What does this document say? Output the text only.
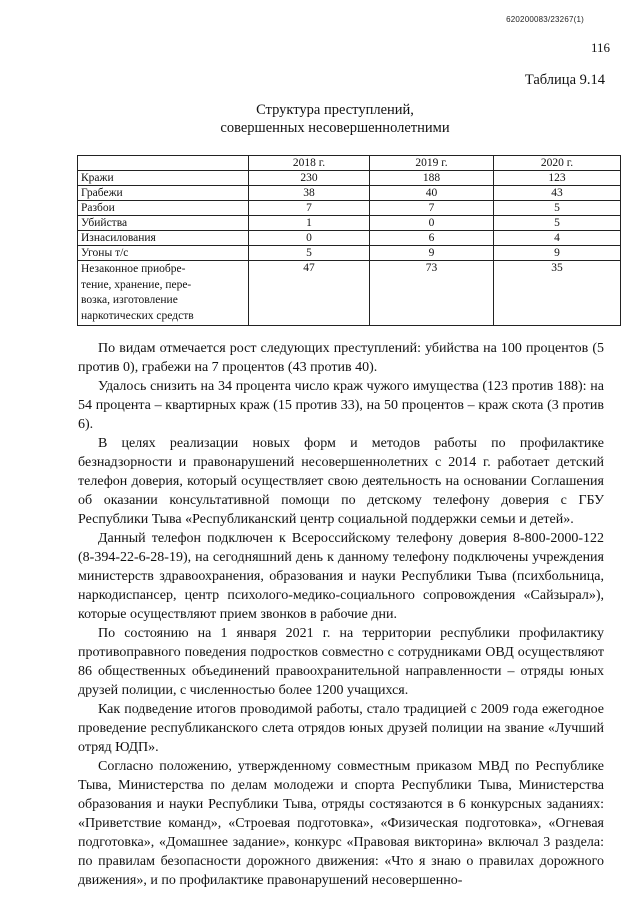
620200083/23267(1)
116
Таблица 9.14
Структура преступлений,
совершенных несовершеннолетними
	2018 г.	2019 г.	2020 г.
Кражи	230	188	123
Грабежи	38	40	43
Разбои	7	7	5
Убийства	1	0	5
Изнасилования	0	6	4
Угоны т/с	5	9	9

Незаконное приобре-
тение, хранение, пере-
возка, изготовление
наркотических средств	47	73	35

По видам отмечается рост следующих преступлений: убийства на 100 процентов (5 против 0), грабежи на 7 процентов (43 против 40).

Удалось снизить на 34 процента число краж чужого имущества (123 против 188): на 54 процента – квартирных краж (15 против 33), на 50 процентов – краж скота (3 против 6).

В целях реализации новых форм и методов работы по профилактике безнадзорности и правонарушений несовершеннолетних с 2014 г. работает детский телефон доверия, который осуществляет свою деятельность на основании Соглашения об оказании консультативной помощи по детскому телефону доверия с ГБУ Республики Тыва «Республиканский центр социальной поддержки семьи и детей».

Данный телефон подключен к Всероссийскому телефону доверия 8-800-2000-122 (8-394-22-6-28-19), на сегодняшний день к данному телефону подключены учреждения министерств здравоохранения, образования и науки Республики Тыва (психбольница, наркодиспансер, центр психолого-медико-социального сопровождения «Сайзырал»), которые осуществляют прием звонков в рабочие дни.

По состоянию на 1 января 2021 г. на территории республики профилактику противоправного поведения подростков совместно с сотрудниками ОВД осуществляют 86 общественных объединений правоохранительной направленности – отряды юных друзей полиции, с численностью более 1200 учащихся.

Как подведение итогов проводимой работы, стало традицией с 2009 года ежегодное проведение республиканского слета отрядов юных друзей полиции на звание «Лучший отряд ЮДП».

Согласно положению, утвержденному совместным приказом МВД по Республике Тыва, Министерства по делам молодежи и спорта Республики Тыва, Министерства образования и науки Республики Тыва, отряды состязаются в 6 конкурсных заданиях: «Приветствие команд», «Строевая подготовка», «Физическая подготовка», «Огневая подготовка», «Домашнее задание», конкурс «Правовая викторина» включал 3 раздела: по правилам безопасности дорожного движения: «Что я знаю о правилах дорожного движения», и по профилактике правонарушений несовершенно-
